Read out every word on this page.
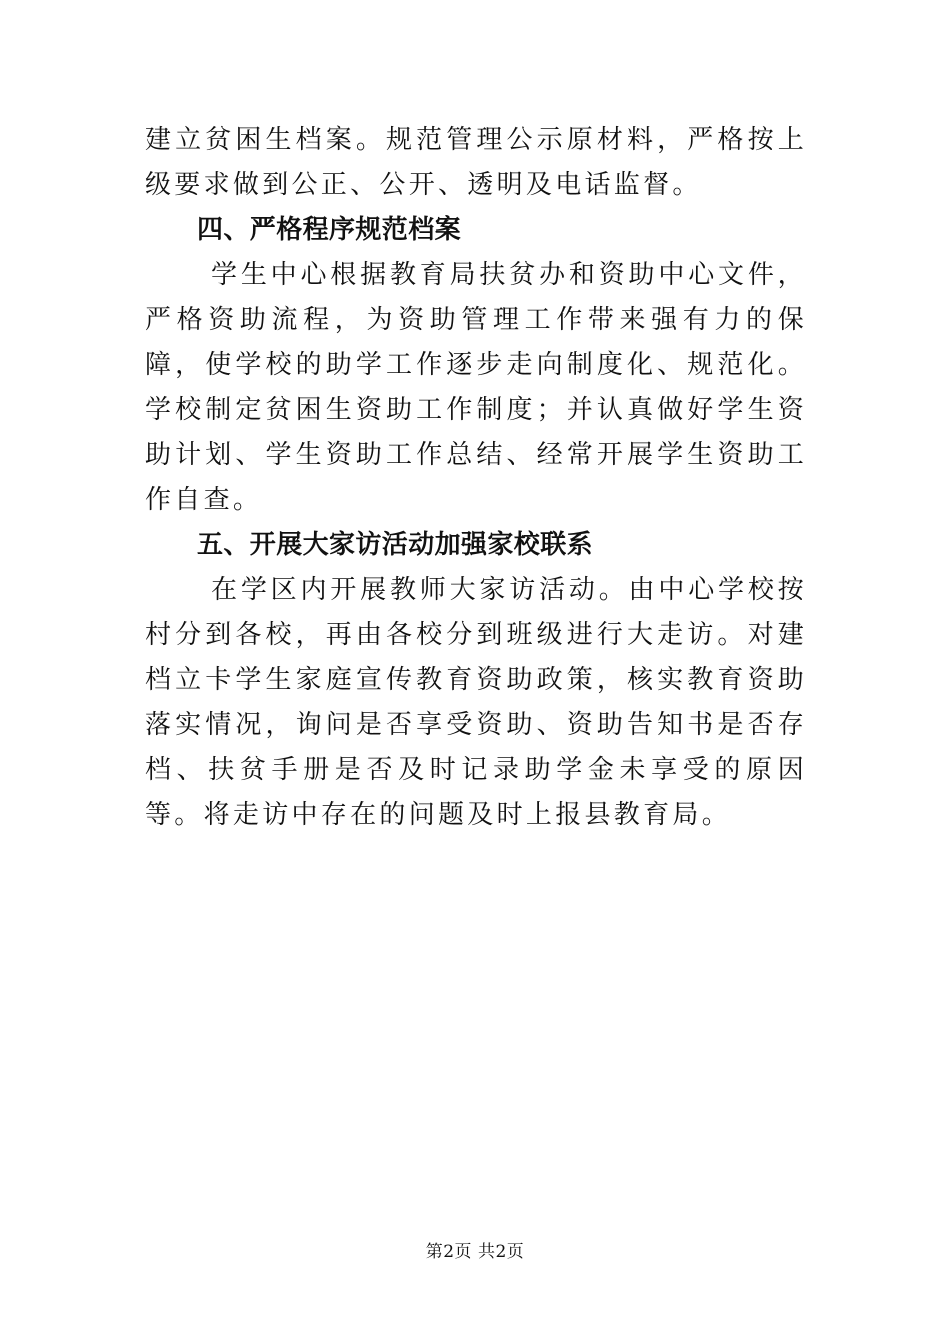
建立贫困生档案。规范管理公示原材料，严格按上级要求做到公正、公开、透明及电话监督。

四、严格程序规范档案

学生中心根据教育局扶贫办和资助中心文件，严格资助流程，为资助管理工作带来强有力的保障，使学校的助学工作逐步走向制度化、规范化。学校制定贫困生资助工作制度；并认真做好学生资助计划、学生资助工作总结、经常开展学生资助工作自查。

五、开展大家访活动加强家校联系

在学区内开展教师大家访活动。由中心学校按村分到各校，再由各校分到班级进行大走访。对建档立卡学生家庭宣传教育资助政策，核实教育资助落实情况，询问是否享受资助、资助告知书是否存档、扶贫手册是否及时记录助学金未享受的原因等。将走访中存在的问题及时上报县教育局。

第2页 共2页
